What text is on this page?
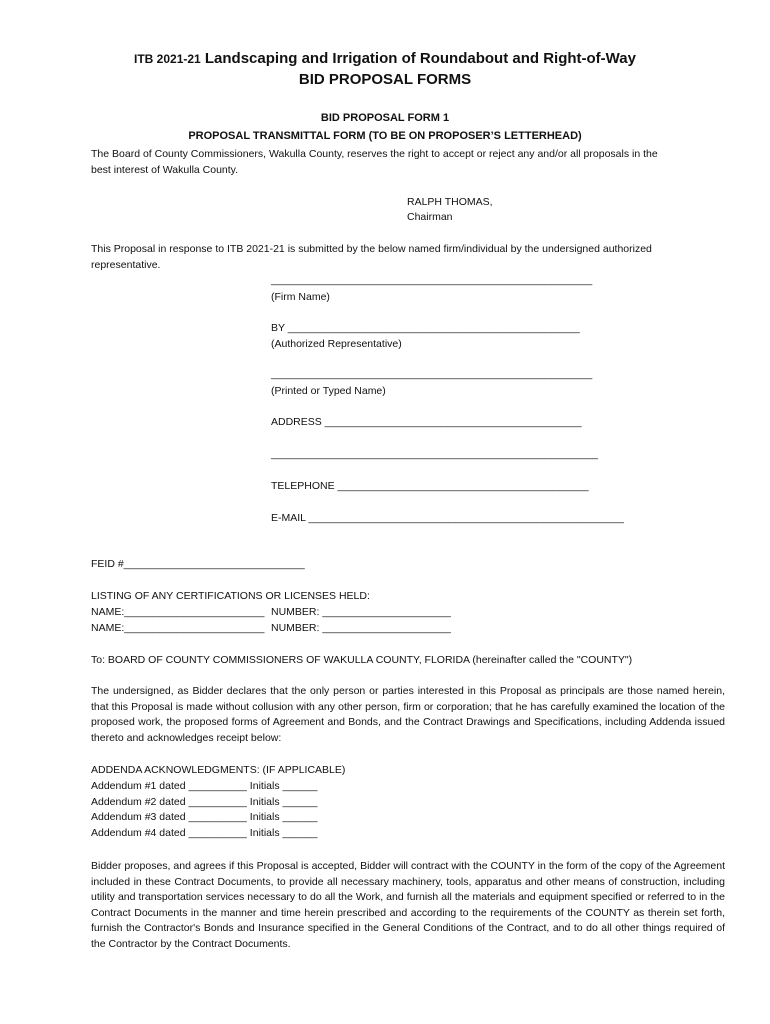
ITB 2021-21 Landscaping and Irrigation of Roundabout and Right-of-Way
BID PROPOSAL FORMS
BID PROPOSAL FORM 1
PROPOSAL TRANSMITTAL FORM (TO BE ON PROPOSER’S LETTERHEAD)
The Board of County Commissioners, Wakulla County, reserves the right to accept or reject any and/or all proposals in the
best interest of Wakulla County.
RALPH THOMAS,
Chairman
This Proposal in response to ITB 2021-21 is submitted by the below named firm/individual by the undersigned authorized
representative.
_______________________________________________________
(Firm Name)
BY __________________________________________________
(Authorized Representative)
_______________________________________________________
(Printed or Typed Name)
ADDRESS ____________________________________________
________________________________________________________
TELEPHONE ___________________________________________
E-MAIL ______________________________________________________
FEID #_______________________________
LISTING OF ANY CERTIFICATIONS OR LICENSES HELD:
NAME:________________________ NUMBER: ______________________
NAME:________________________ NUMBER: ______________________
To: BOARD OF COUNTY COMMISSIONERS OF WAKULLA COUNTY, FLORIDA (hereinafter called the "COUNTY")

The undersigned, as Bidder declares that the only person or parties interested in this Proposal as principals are those named herein, that this Proposal is made without collusion with any other person, firm or corporation; that he has carefully examined the location of the proposed work, the proposed forms of Agreement and Bonds, and the Contract Drawings and Specifications, including Addenda issued thereto and acknowledges receipt below:

ADDENDA ACKNOWLEDGMENTS: (IF APPLICABLE)
Addendum #1 dated __________ Initials ______
Addendum #2 dated __________ Initials ______
Addendum #3 dated __________ Initials ______
Addendum #4 dated __________ Initials ______

Bidder proposes, and agrees if this Proposal is accepted, Bidder will contract with the COUNTY in the form of the copy of the Agreement included in these Contract Documents, to provide all necessary machinery, tools, apparatus and other means of construction, including utility and transportation services necessary to do all the Work, and furnish all the materials and equipment specified or referred to in the Contract Documents in the manner and time herein prescribed and according to the requirements of the COUNTY as therein set forth, furnish the Contractor's Bonds and Insurance specified in the General Conditions of the Contract, and to do all other things required of the Contractor by the Contract Documents.
